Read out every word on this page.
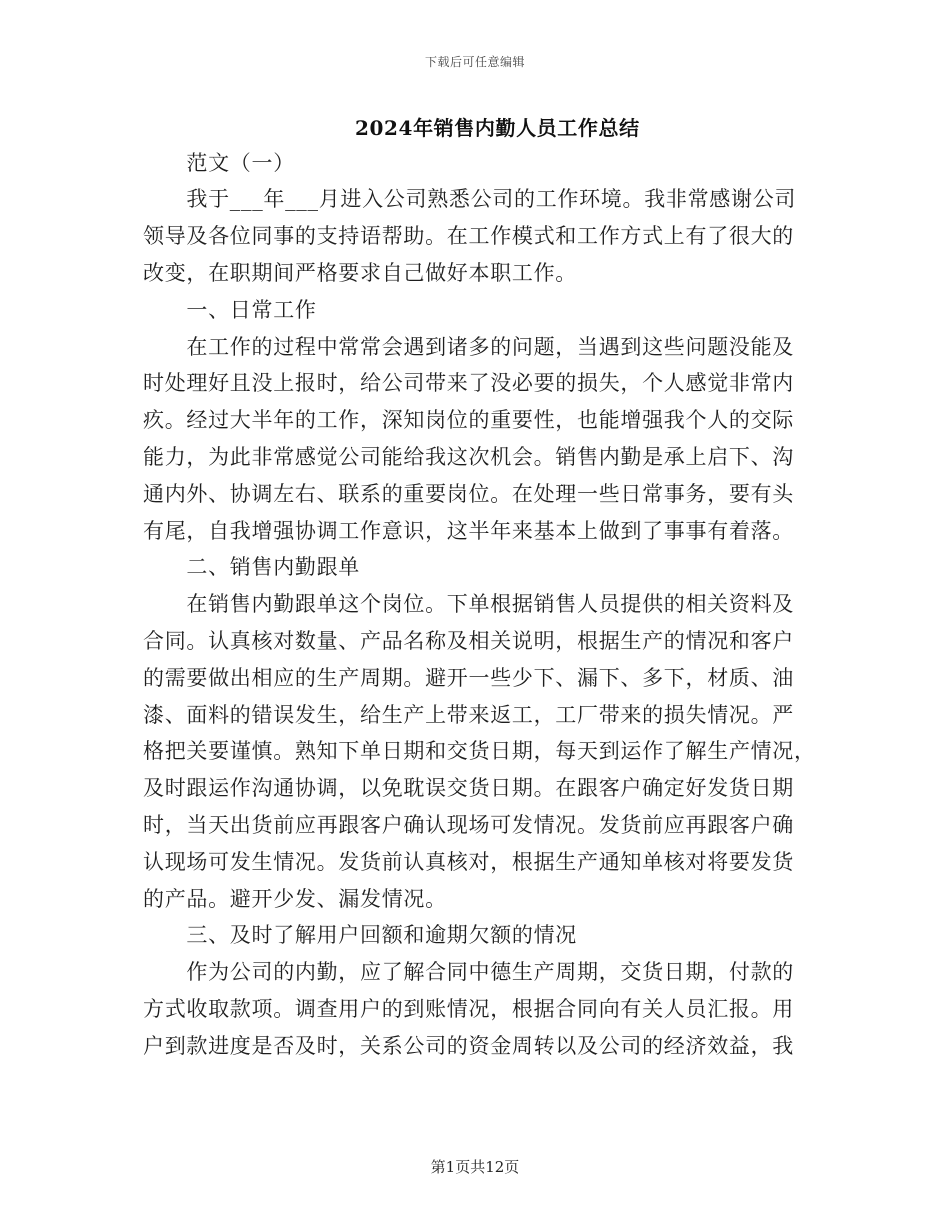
下载后可任意编辑
2024年销售内勤人员工作总结
范文（一）
我于___年___月进入公司熟悉公司的工作环境。我非常感谢公司
领导及各位同事的支持语帮助。在工作模式和工作方式上有了很大的
改变，在职期间严格要求自己做好本职工作。
一、日常工作
在工作的过程中常常会遇到诸多的问题，当遇到这些问题没能及
时处理好且没上报时，给公司带来了没必要的损失，个人感觉非常内
疚。经过大半年的工作，深知岗位的重要性，也能增强我个人的交际
能力，为此非常感觉公司能给我这次机会。销售内勤是承上启下、沟
通内外、协调左右、联系的重要岗位。在处理一些日常事务，要有头
有尾，自我增强协调工作意识，这半年来基本上做到了事事有着落。
二、销售内勤跟单
在销售内勤跟单这个岗位。下单根据销售人员提供的相关资料及
合同。认真核对数量、产品名称及相关说明，根据生产的情况和客户
的需要做出相应的生产周期。避开一些少下、漏下、多下，材质、油
漆、面料的错误发生，给生产上带来返工，工厂带来的损失情况。严
格把关要谨慎。熟知下单日期和交货日期，每天到运作了解生产情况，
及时跟运作沟通协调，以免耽误交货日期。在跟客户确定好发货日期
时，当天出货前应再跟客户确认现场可发情况。发货前应再跟客户确
认现场可发生情况。发货前认真核对，根据生产通知单核对将要发货
的产品。避开少发、漏发情况。
三、及时了解用户回额和逾期欠额的情况
作为公司的内勤，应了解合同中德生产周期，交货日期，付款的
方式收取款项。调查用户的到账情况，根据合同向有关人员汇报。用
户到款进度是否及时，关系公司的资金周转以及公司的经济效益，我
第1页共12页
